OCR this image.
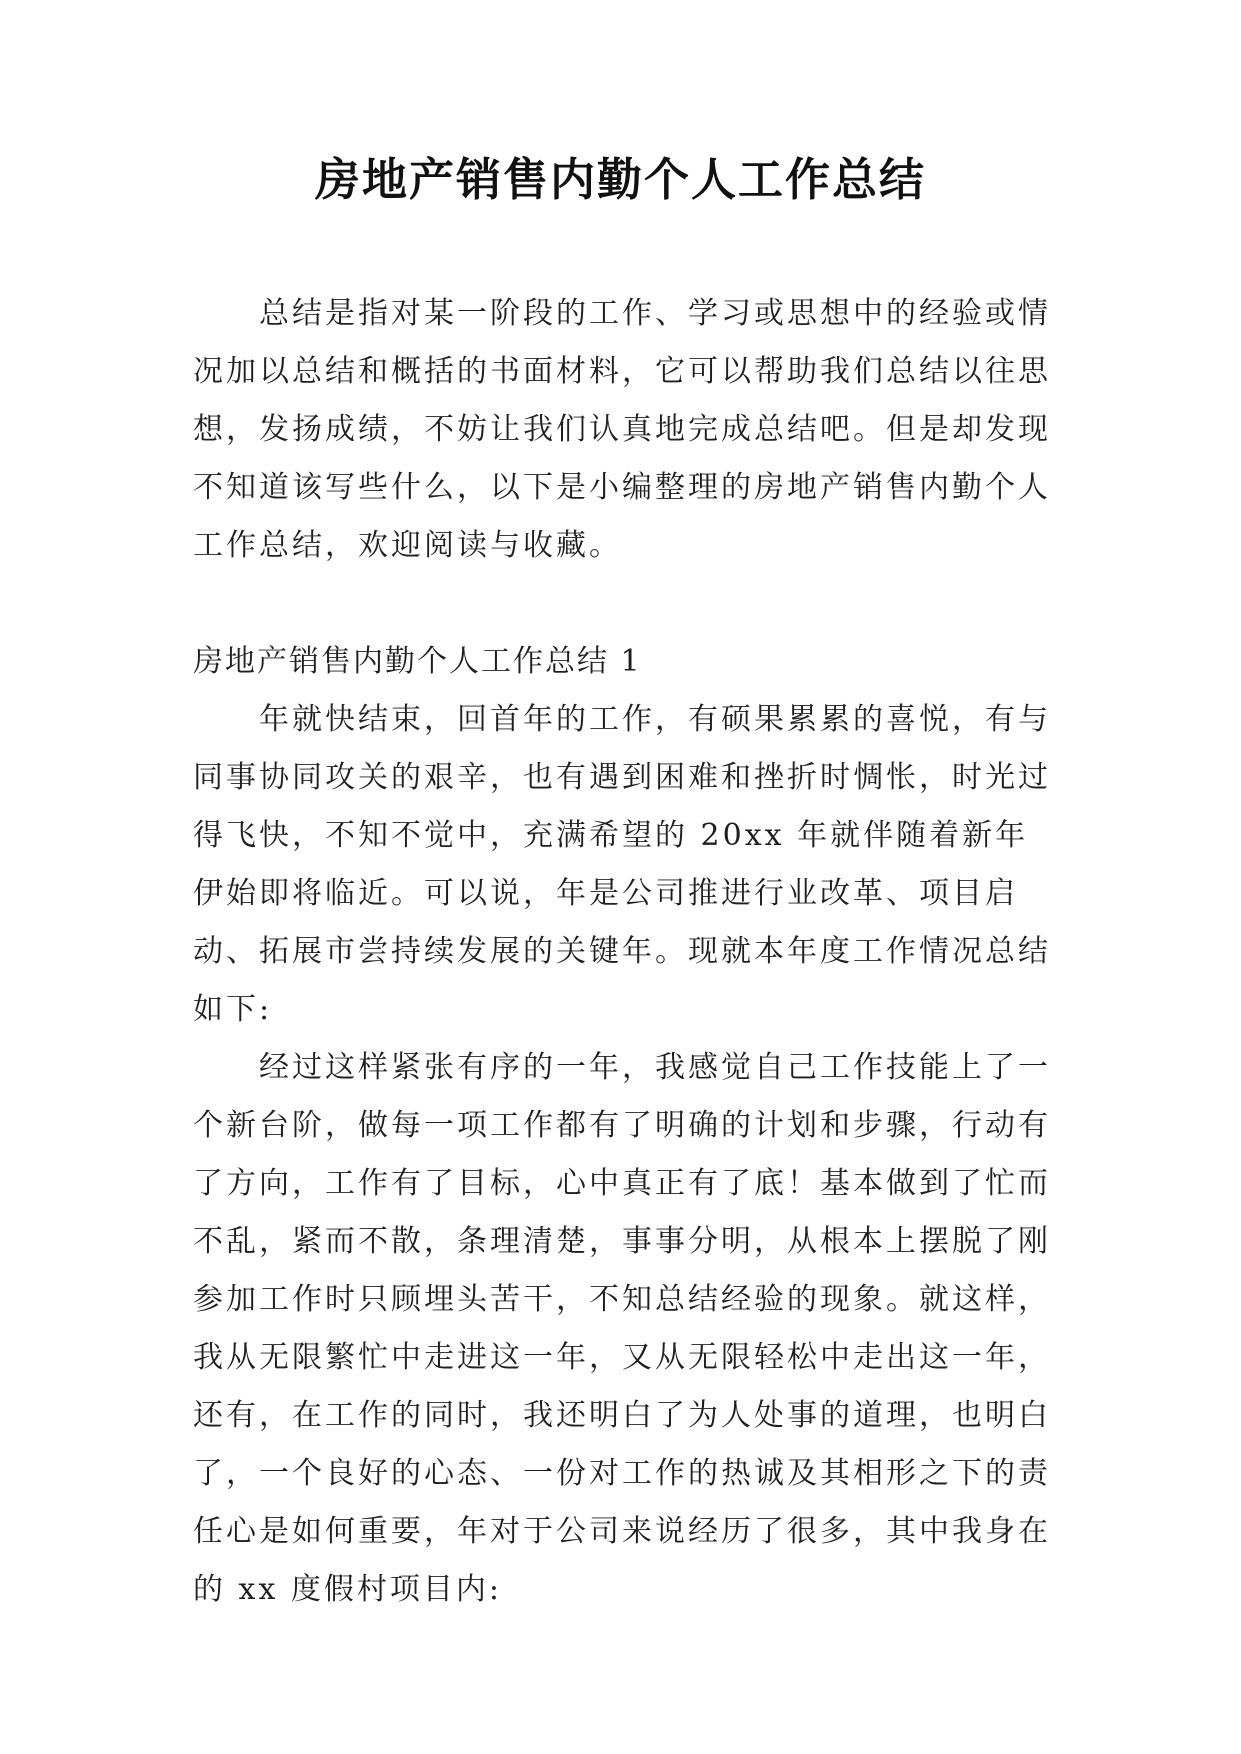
房地产销售内勤个人工作总结

总结是指对某一阶段的工作、学习或思想中的经验或情况加以总结和概括的书面材料，它可以帮助我们总结以往思想，发扬成绩，不妨让我们认真地完成总结吧。但是却发现不知道该写些什么，以下是小编整理的房地产销售内勤个人工作总结，欢迎阅读与收藏。

房地产销售内勤个人工作总结 1

年就快结束，回首年的工作，有硕果累累的喜悦，有与同事协同攻关的艰辛，也有遇到困难和挫折时惆怅，时光过得飞快，不知不觉中，充满希望的 20xx 年就伴随着新年伊始即将临近。可以说，年是公司推进行业改革、项目启动、拓展市尝持续发展的关键年。现就本年度工作情况总结如下:

经过这样紧张有序的一年，我感觉自己工作技能上了一个新台阶，做每一项工作都有了明确的计划和步骤，行动有了方向，工作有了目标，心中真正有了底！基本做到了忙而不乱，紧而不散，条理清楚，事事分明，从根本上摆脱了刚参加工作时只顾埋头苦干，不知总结经验的现象。就这样，我从无限繁忙中走进这一年，又从无限轻松中走出这一年，还有，在工作的同时，我还明白了为人处事的道理，也明白了，一个良好的心态、一份对工作的热诚及其相形之下的责任心是如何重要，年对于公司来说经历了很多，其中我身在的 xx 度假村项目内:
